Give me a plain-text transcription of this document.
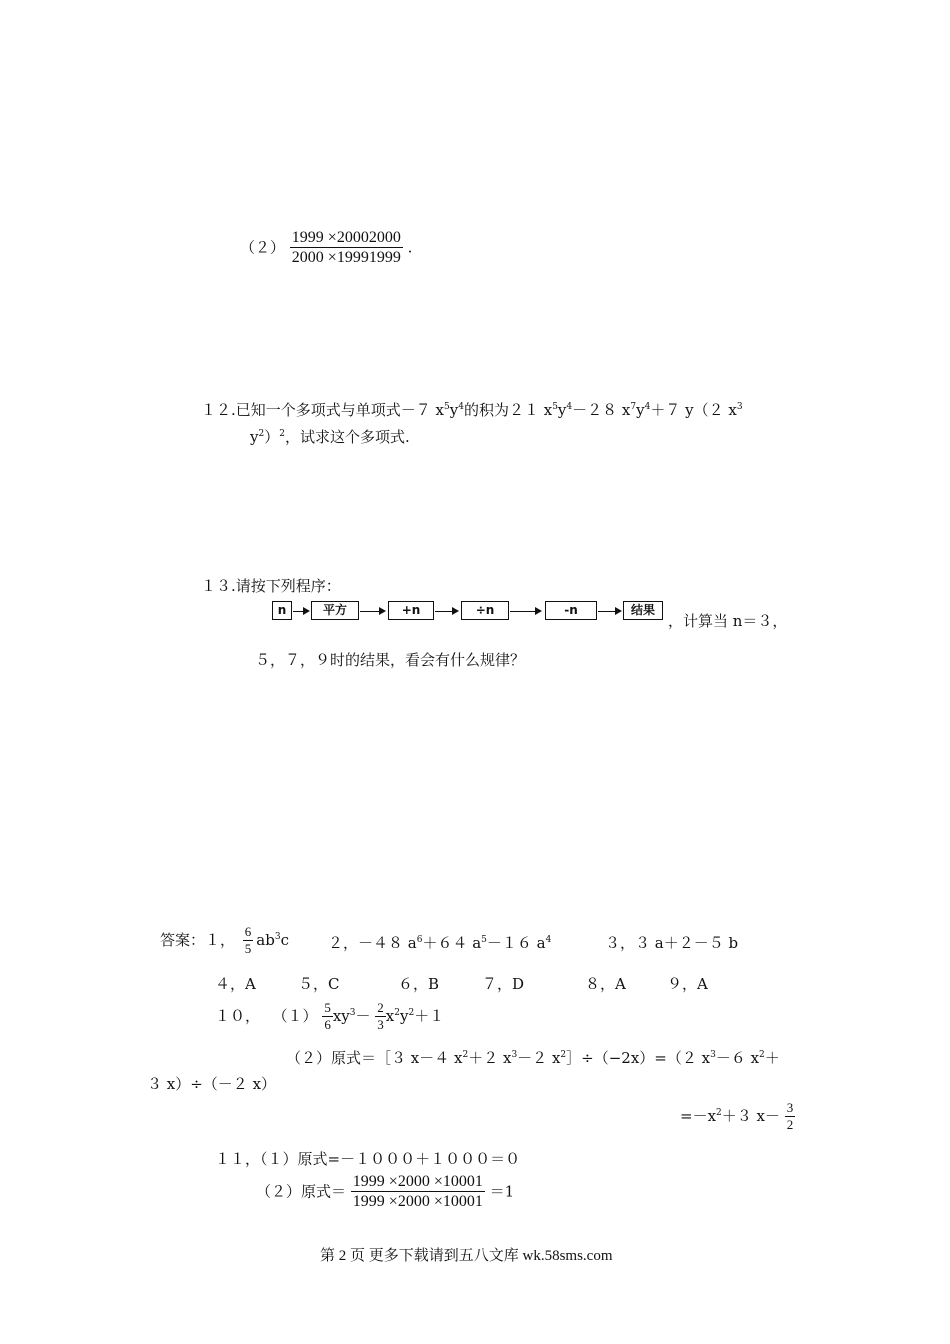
$(2) \frac{1999 \times 20002000}{2000 \times 19991999}$ .
１２.已知一个多项式与单项式－７ $x^5y^4$的积为２１ $x^5y^4-28$ $x^7y^4+7$ y（２ $x^3$
$y^2)^2$，试求这个多项式.
１３.请按下列程序：
n	平方	+n	÷n	-n	结果
，计算当 n＝３，
５，７，９时的结果，看会有什么规律？
答案：１， $\frac{6}{5} ab^3c$	２，－４８ $a^6+64$ $a^5-16$ $a^4$	３，３ a＋２－５ b
４，A	５，C	６，B	７，D	８，A	９，A
１０， $(1) \frac{5}{6} xy^3- \frac{2}{3} x^2y^2+1$
（２）原式＝［３ x－４ $x^2+2$ $x^3-2$ $x^2]\div(-2x)=(2$ $x^3-6$ $x^2+$
３ x）÷（－２ x）
$=-x^2+3$ $x- \frac{3}{2}$
１１，（１）原式=－１０００＋１０００＝０
（２）原式＝ $\frac{1999 \times 2000 \times 10001}{1999 \times 2000 \times 10001} =1$
第 2 页 更多下载请到五八文库 wk.58sms.com
